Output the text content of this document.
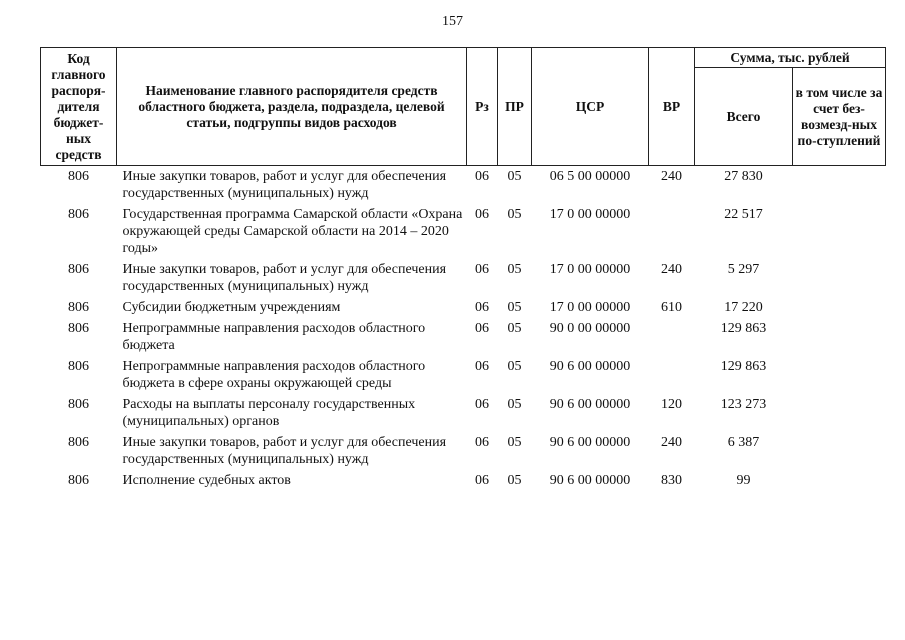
157
Код главного распоря-дителя бюджет-ных средств	Наименование главного распорядителя средств областного бюджета, раздела, подраздела, целевой статьи, подгруппы видов расходов	Рз	ПР	ЦСР	ВР	Сумма, тыс. рублей	
						Всего	в том числе за счет без-возмезд-ных по-ступлений
806	Иные закупки товаров, работ и услуг для обеспечения государственных (муниципальных) нужд	06	05	06 5 00 00000	240	27 830	
806	Государственная программа Самарской области «Охрана окружающей среды Самарской области на 2014 – 2020 годы»	06	05	17 0 00 00000		22 517	
806	Иные закупки товаров, работ и услуг для обеспечения государственных (муниципальных) нужд	06	05	17 0 00 00000	240	5 297	
806	Субсидии бюджетным учреждениям	06	05	17 0 00 00000	610	17 220	
806	Непрограммные направления расходов областного бюджета	06	05	90 0 00 00000		129 863	
806	Непрограммные направления расходов областного бюджета в сфере охраны окружающей среды	06	05	90 6 00 00000		129 863	
806	Расходы на выплаты персоналу государственных (муниципальных) органов	06	05	90 6 00 00000	120	123 273	
806	Иные закупки товаров, работ и услуг для обеспечения государственных (муниципальных) нужд	06	05	90 6 00 00000	240	6 387	
806	Исполнение судебных актов	06	05	90 6 00 00000	830	99	
